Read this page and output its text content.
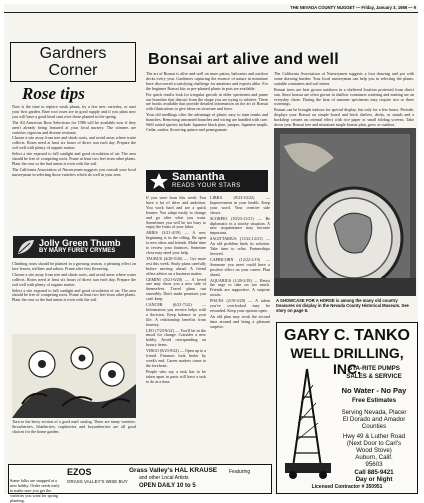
THE NEVADA COUNTY NUGGET — Friday, January 3, 1986 — 9
Gardners
Corner
Rose tips

Now is the time to replace weak plants, try a few new varieties, or start your first garden. Bare root roses are in good supply and if you plant now you will have a good head start over those planted in the spring.

The All American Rose Selections for 1986 will be available now if they aren't already being featured at your local nursery. The winners are varieties vigorous and disease resistant.

Choose a site away from tree and shrub roots, and avoid areas where water collects. Roses need at least six hours of direct sun each day. Prepare the soil well with plenty of organic matter.

Select a site exposed to full sunlight and good circulation of air. The area should be free of competing roots. Prune at least two feet from other plants. Plant the rose so the bud union is even with the soil.

The California Association of Nurserymen suggests you consult your local nurseryman in selecting those varieties which do well in your area.

Jolly Green Thumb
BY MARY FUREY CRYMES

Climbing roses should be planted in a growing season, a pleasing effect on lace fences, trellises and arbors. Prune after first flowering.

Choose a site away from tree and shrub roots, and avoid areas where water collects. Roses need at least six hours of direct sun each day. Prepare the soil well with plenty of organic matter.

Select a site exposed to full sunlight and good circulation of air. The area should be free of competing roots. Prune at least two feet from other plants. Plant the rose so the bud union is even with the soil.

Turn to the berry section of a good mail catalog. There are many varieties. Strawberries, blueberries, raspberries and boysenberries are all good choices for the home garden.

Bonsai art alive and well

The art of Bonsai is alive and well on more patios, balconies and outdoor decks every year. Gardeners capturing the essence of nature in miniature have discovered a satisfying challenge for amateurs and experts alike. For the beginner Bonsai kits or pre-planted plants in pots are available.

For quick results look for irregular growth in older specimens and prune out branches that distract from the shape you are trying to achieve. There are books available that provide detailed information on the art of Bonsai with illustrations to give ideas on structure and form.

Your old seedlings offer the advantage of plastic easy to train trunks and branches. Removing unwanted branches and wiring are handled with care. Well suited species include Japanese black pine, juniper, Japanese maple, Cedar, azalea, flowering quince and pomegranate.

The California Association of Nurserymen suggests a foot drawing and pot with some drawing burden. Your local nurseryman can help you in selecting the plants, suitable containers and soil mixes.

Bonsai trees are best grown outdoors in a sheltered location protected from direct sun. Since bonsai are often grown in shallow containers watering and misting are an everyday chore. During the heat of summer specimens may require two or three waterings.

Bonsai can be brought indoors for special display, but only for a few hours. Periodic displays your Bonsai on simple board and brick shelves, decks, or stands and a backdrop creates an oriental effect with rice paper or small folding screens. Take down your Bonsai tree and miniature maple bonsai plan, grow or outdoor.

Samantha
READS YOUR STARS

If you were born this week: You have a lot of drive and ambition. You work hard and are a quick learner. You adapt easily to change and go after what you want. Sometimes you will be too busy to enjoy the fruits of your labor.

ARIES (3/21-4/19) — A new beginning is in the offing. Be open to new ideas and friends. Make time to review your finances. Someone close may need your help.

TAURUS (4/20-5/20) — Get more rest this week. Study plans carefully before moving ahead. A friend offers advice on a business matter.

GEMINI (5/21-6/20) — A loved one may show you a new side of themselves. Travel plans run smoothly. Don't make promises you can't keep.

CANCER (6/21-7/22) — Information you receive helps with a decision. Keep balance in your life. A relationship benefits from honesty.

LEO (7/23-8/22) — You'll be in the mood for change. Consider a new hobby. Avoid overspending on luxury items.

VIRGO (8/23-9/22) — Open up to a friend. Finances look better by week's end. Career matters come to the forefront.

People who say a task has to be taken apart in parts will have a task to do at a time.

LIBRA (9/23-10/22) — Improvement in your health. Keep your word. Your creative side shows.

SCORPIO (10/23-11/21) — Be diplomatic in a touchy situation. A new acquaintance may become important.

SAGITTARIUS (11/22-12/21) — An old problem finds its solution. Take time to relax. Partnerships favored.

CAPRICORN (12/22-1/19) — Someone you meet could have a positive effect on your career. Plan ahead.

AQUARIUS (1/20-2/18) — Resist the urge to take on too much. Friends are supportive. A surprise awaits.

PISCES (2/19-3/20) — A talent you've overlooked may be rewarded. Keep your options open.

An old plan may work the second time around and bring a pleasant surprise.

A SHOWCASE FOR A HORSE is among the many old country treasures on display in the Nevada County Historical Museum. See story on page 8.
GARY C. TANKO
WELL DRILLING, INC.
STA-RITE PUMPS
SALES & SERVICE
No Water - No Pay
Free Estimates
Serving Nevada, Placer
El Dorado and Amador
Counties
Hwy 49 & Luther Road
(Next Door to Carl's
Wood Stove)
Auburn, Calif.
95603
Call 885-9421
Day or Night
Licensed Contractor # 350951
EZOS
GRASS VALLEY'S WISE BUY
Grass Valley's HAL KRAUSE
and other Local Artists
OPEN DAILY 10 to 5
Featuring
Some folks are snapped at a new hobby. Order seeds early to make sure you get the varieties you want for spring planting.
